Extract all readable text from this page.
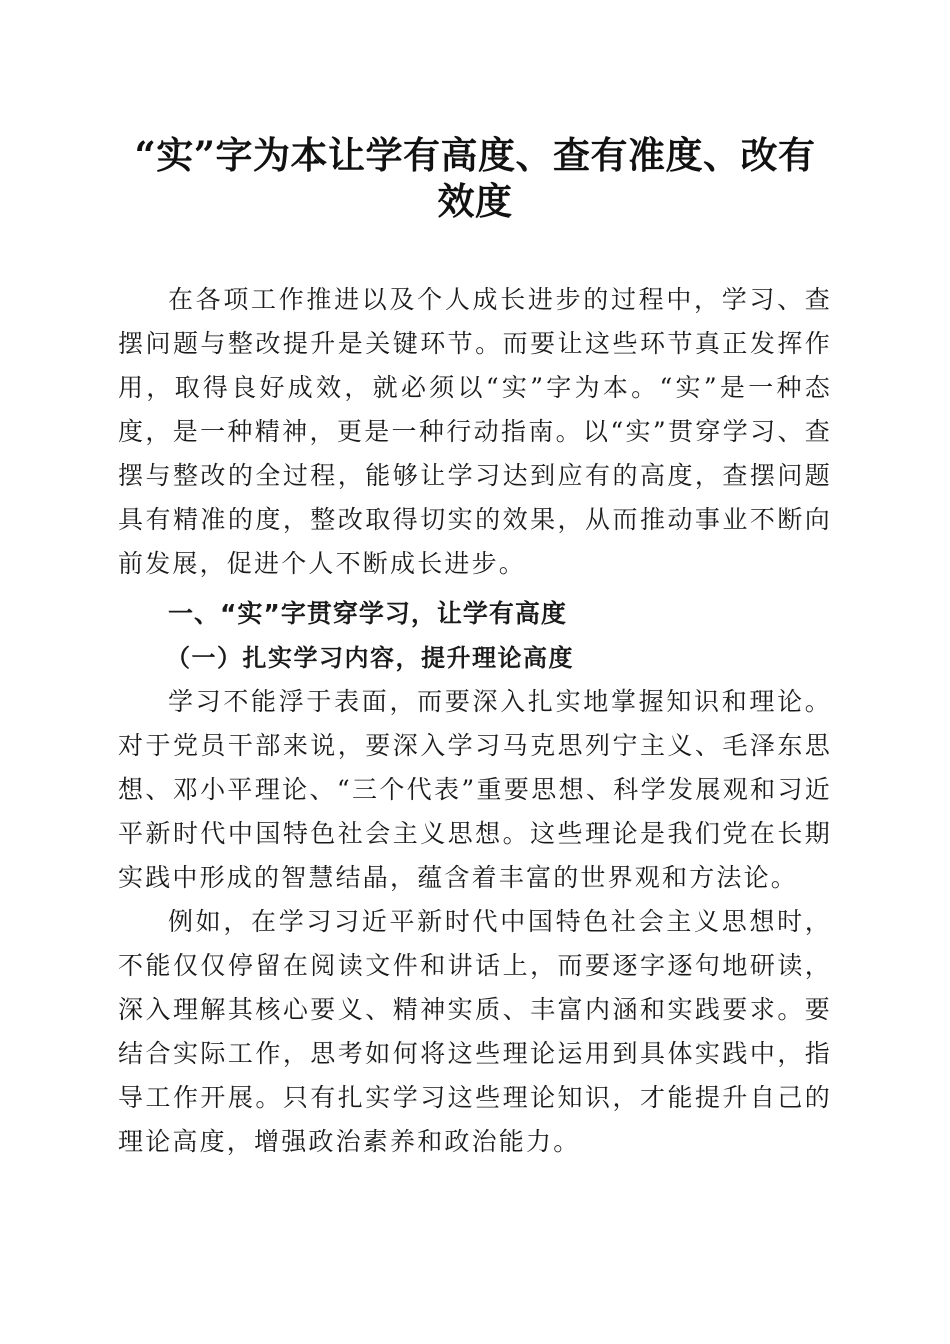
“实”字为本让学有高度、查有准度、改有效度

在各项工作推进以及个人成长进步的过程中，学习、查摆问题与整改提升是关键环节。而要让这些环节真正发挥作用，取得良好成效，就必须以“实”字为本。“实”是一种态度，是一种精神，更是一种行动指南。以“实”贯穿学习、查摆与整改的全过程，能够让学习达到应有的高度，查摆问题具有精准的度，整改取得切实的效果，从而推动事业不断向前发展，促进个人不断成长进步。

一、“实”字贯穿学习，让学有高度

（一）扎实学习内容，提升理论高度

学习不能浮于表面，而要深入扎实地掌握知识和理论。对于党员干部来说，要深入学习马克思列宁主义、毛泽东思想、邓小平理论、“三个代表”重要思想、科学发展观和习近平新时代中国特色社会主义思想。这些理论是我们党在长期实践中形成的智慧结晶，蕴含着丰富的世界观和方法论。

例如，在学习习近平新时代中国特色社会主义思想时，不能仅仅停留在阅读文件和讲话上，而要逐字逐句地研读，深入理解其核心要义、精神实质、丰富内涵和实践要求。要结合实际工作，思考如何将这些理论运用到具体实践中，指导工作开展。只有扎实学习这些理论知识，才能提升自己的理论高度，增强政治素养和政治能力。
